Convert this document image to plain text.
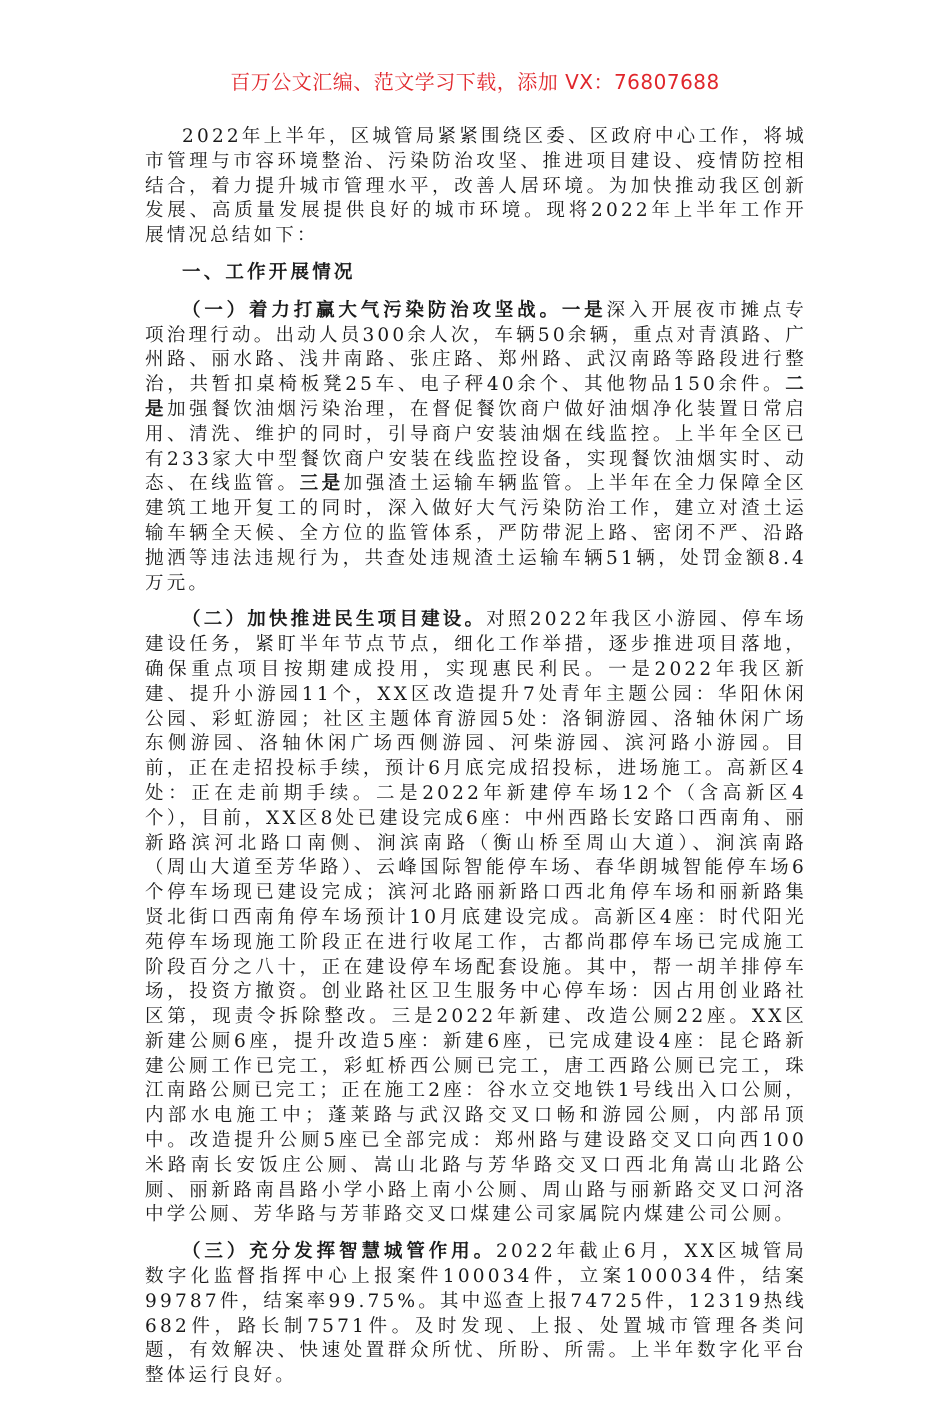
百万公文汇编、范文学习下载，添加 VX：76807688

2022年上半年，区城管局紧紧围绕区委、区政府中心工作，将城市管理与市容环境整治、污染防治攻坚、推进项目建设、疫情防控相结合，着力提升城市管理水平，改善人居环境。为加快推动我区创新发展、高质量发展提供良好的城市环境。现将2022年上半年工作开展情况总结如下：

一、工作开展情况

（一）着力打赢大气污染防治攻坚战。一是深入开展夜市摊点专项治理行动。出动人员300余人次，车辆50余辆，重点对青滇路、广州路、丽水路、浅井南路、张庄路、郑州路、武汉南路等路段进行整治，共暂扣桌椅板凳25车、电子秤40余个、其他物品150余件。二是加强餐饮油烟污染治理，在督促餐饮商户做好油烟净化装置日常启用、清洗、维护的同时，引导商户安装油烟在线监控。上半年全区已有233家大中型餐饮商户安装在线监控设备，实现餐饮油烟实时、动态、在线监管。三是加强渣土运输车辆监管。上半年在全力保障全区建筑工地开复工的同时，深入做好大气污染防治工作，建立对渣土运输车辆全天候、全方位的监管体系，严防带泥上路、密闭不严、沿路抛洒等违法违规行为，共查处违规渣土运输车辆51辆，处罚金额8.4万元。

（二）加快推进民生项目建设。对照2022年我区小游园、停车场建设任务，紧盯半年节点节点，细化工作举措，逐步推进项目落地，确保重点项目按期建成投用，实现惠民利民。一是2022年我区新建、提升小游园11个，XX区改造提升7处青年主题公园：华阳休闲公园、彩虹游园；社区主题体育游园5处：洛铜游园、洛轴休闲广场东侧游园、洛轴休闲广场西侧游园、河柴游园、滨河路小游园。目前，正在走招投标手续，预计6月底完成招投标，进场施工。高新区4处：正在走前期手续。二是2022年新建停车场12个（含高新区4个），目前，XX区8处已建设完成6座：中州西路长安路口西南角、丽新路滨河北路口南侧、涧滨南路（衡山桥至周山大道）、涧滨南路（周山大道至芳华路）、云峰国际智能停车场、春华朗城智能停车场6个停车场现已建设完成；滨河北路丽新路口西北角停车场和丽新路集贤北街口西南角停车场预计10月底建设完成。高新区4座：时代阳光苑停车场现施工阶段正在进行收尾工作，古都尚郡停车场已完成施工阶段百分之八十，正在建设停车场配套设施。其中，帮一胡羊排停车场，投资方撤资。创业路社区卫生服务中心停车场：因占用创业路社区第，现责令拆除整改。三是2022年新建、改造公厕22座。XX区新建公厕6座，提升改造5座：新建6座，已完成建设4座：昆仑路新建公厕工作已完工，彩虹桥西公厕已完工，唐工西路公厕已完工，珠江南路公厕已完工；正在施工2座：谷水立交地铁1号线出入口公厕，内部水电施工中；蓬莱路与武汉路交叉口畅和游园公厕，内部吊顶中。改造提升公厕5座已全部完成：郑州路与建设路交叉口向西100米路南长安饭庄公厕、嵩山北路与芳华路交叉口西北角嵩山北路公厕、丽新路南昌路小学小路上南小公厕、周山路与丽新路交叉口河洛中学公厕、芳华路与芳菲路交叉口煤建公司家属院内煤建公司公厕。

（三）充分发挥智慧城管作用。2022年截止6月，XX区城管局数字化监督指挥中心上报案件100034件，立案100034件，结案99787件，结案率99.75%。其中巡查上报74725件，12319热线682件，路长制7571件。及时发现、上报、处置城市管理各类问题，有效解决、快速处置群众所忧、所盼、所需。上半年数字化平台整体运行良好。
